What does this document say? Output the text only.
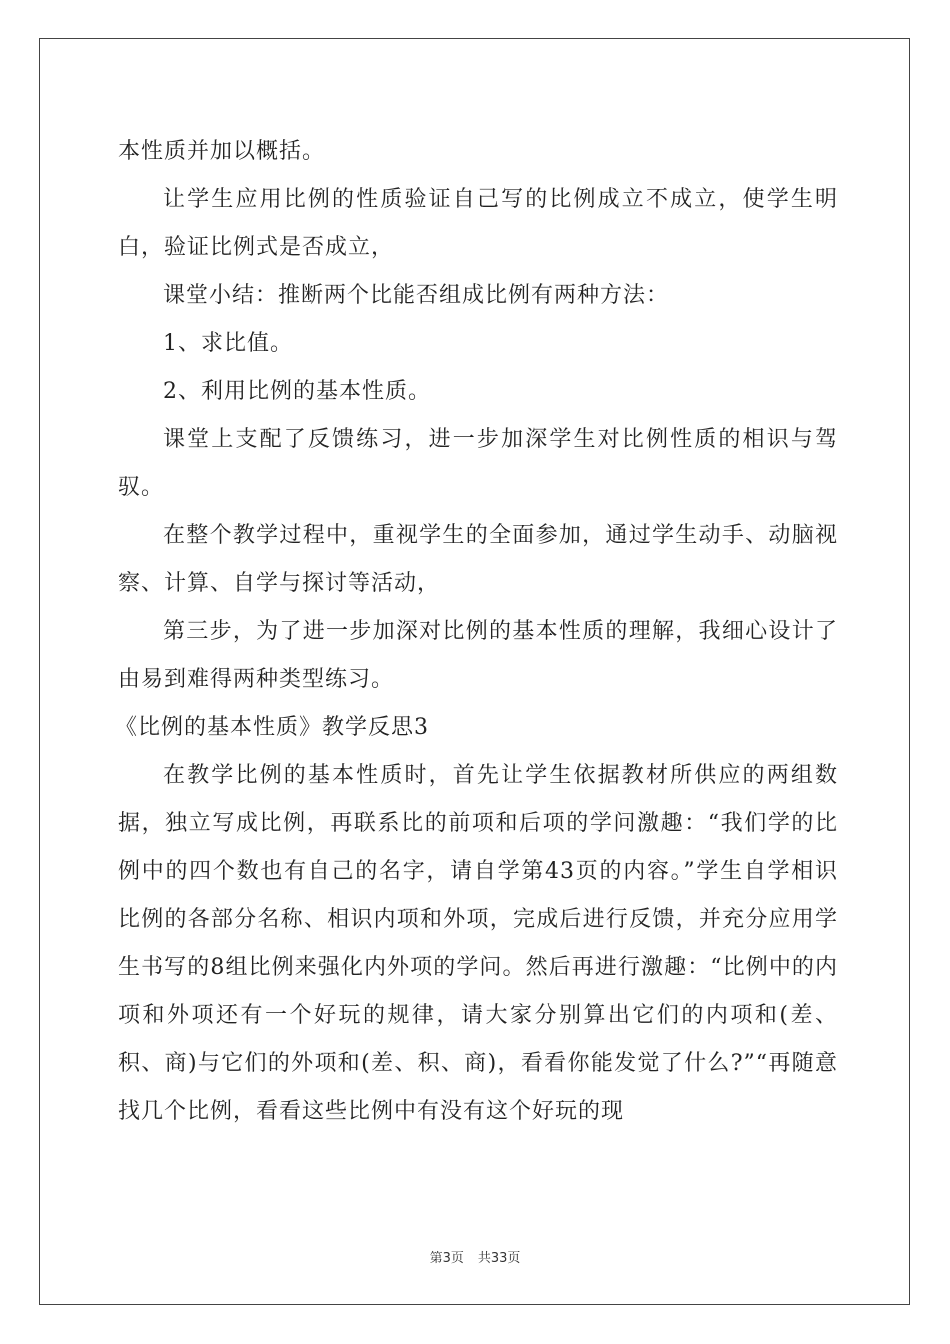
本性质并加以概括。

让学生应用比例的性质验证自己写的比例成立不成立，使学生明白，验证比例式是否成立，

课堂小结：推断两个比能否组成比例有两种方法：

1、求比值。

2、利用比例的基本性质。

课堂上支配了反馈练习，进一步加深学生对比例性质的相识与驾驭。

在整个教学过程中，重视学生的全面参加，通过学生动手、动脑视察、计算、自学与探讨等活动，

第三步，为了进一步加深对比例的基本性质的理解，我细心设计了由易到难得两种类型练习。

《比例的基本性质》教学反思3

在教学比例的基本性质时，首先让学生依据教材所供应的两组数据，独立写成比例，再联系比的前项和后项的学问激趣：“我们学的比例中的四个数也有自己的名字，请自学第43页的内容。”学生自学相识比例的各部分名称、相识内项和外项，完成后进行反馈，并充分应用学生书写的8组比例来强化内外项的学问。然后再进行激趣：“比例中的内项和外项还有一个好玩的规律，请大家分别算出它们的内项和(差、积、商)与它们的外项和(差、积、商)，看看你能发觉了什么?”“再随意找几个比例，看看这些比例中有没有这个好玩的现

第3页 共33页
